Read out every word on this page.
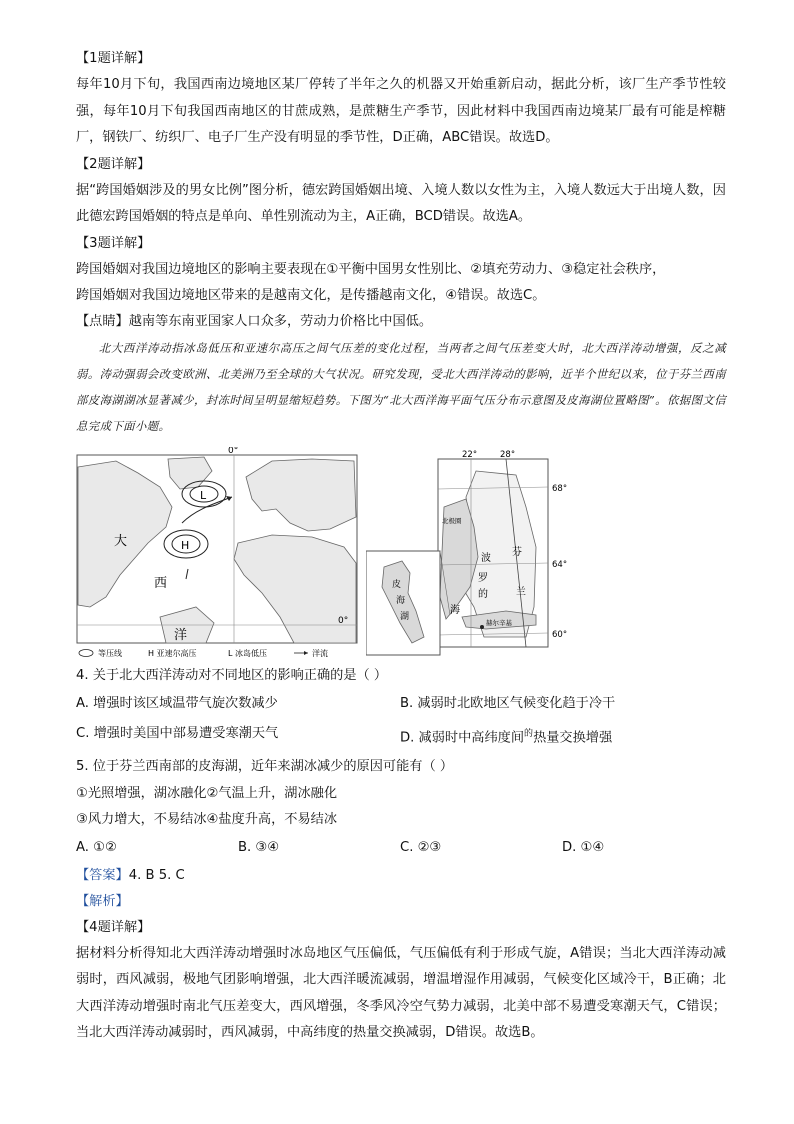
【1题详解】
每年10月下旬，我国西南边境地区某厂停转了半年之久的机器又开始重新启动，据此分析，该厂生产季节性较强，每年10月下旬我国西南地区的甘蔗成熟，是蔗糖生产季节，因此材料中我国西南边境某厂最有可能是榨糖厂，钢铁厂、纺织厂、电子厂生产没有明显的季节性，D正确，ABC错误。故选D。
【2题详解】
据“跨国婚姻涉及的男女比例”图分析，德宏跨国婚姻出境、入境人数以女性为主，入境人数远大于出境人数，因此德宏跨国婚姻的特点是单向、单性别流动为主，A正确，BCD错误。故选A。
【3题详解】
跨国婚姻对我国边境地区的影响主要表现在①平衡中国男女性别比、②填充劳动力、③稳定社会秩序，
跨国婚姻对我国边境地区带来的是越南文化，是传播越南文化，④错误。故选C。
【点睛】越南等东南亚国家人口众多，劳动力价格比中国低。
北大西洋涛动指冰岛低压和亚速尔高压之间气压差的变化过程，当两者之间气压差变大时，北大西洋涛动增强，反之减弱。涛动强弱会改变欧洲、北美洲乃至全球的大气状况。研究发现，受北大西洋涛动的影响，近半个世纪以来，位于芬兰西南部皮海湖湖冰显著减少，封冻时间呈明显缩短趋势。下图为“北大西洋海平面气压分布示意图及皮海湖位置略图”。依据图文信息完成下面小题。
L
H
0°
0°
大
西
洋
等压线	H 亚速尔高压	L 冰岛低压	洋流
22°	28°
68°
64°
60°
北极圈
波
芬
罗
的	兰
海
赫尔辛基
皮
海
湖
4. 关于北大西洋涛动对不同地区的影响正确的是（ ）
A. 增强时该区域温带气旋次数减少	B. 减弱时北欧地区气候变化趋于冷干
C. 增强时美国中部易遭受寒潮天气	D. 减弱时中高纬度间$^的$热量交换增强
5. 位于芬兰西南部的皮海湖，近年来湖冰减少的原因可能有（ ）
①光照增强，湖冰融化②气温上升，湖冰融化
③风力增大，不易结冰④盐度升高，不易结冰
A. ①②	B. ③④	C. ②③	D. ①④
【答案】4. B 5. C
【解析】
【4题详解】
据材料分析得知北大西洋涛动增强时冰岛地区气压偏低，气压偏低有利于形成气旋，A错误；当北大西洋涛动减弱时，西风减弱，极地气团影响增强，北大西洋暖流减弱，增温增湿作用减弱，气候变化区域冷干，B正确；北大西洋涛动增强时南北气压差变大，西风增强，冬季风冷空气势力减弱，北美中部不易遭受寒潮天气，C错误；当北大西洋涛动减弱时，西风减弱，中高纬度的热量交换减弱，D错误。故选B。
